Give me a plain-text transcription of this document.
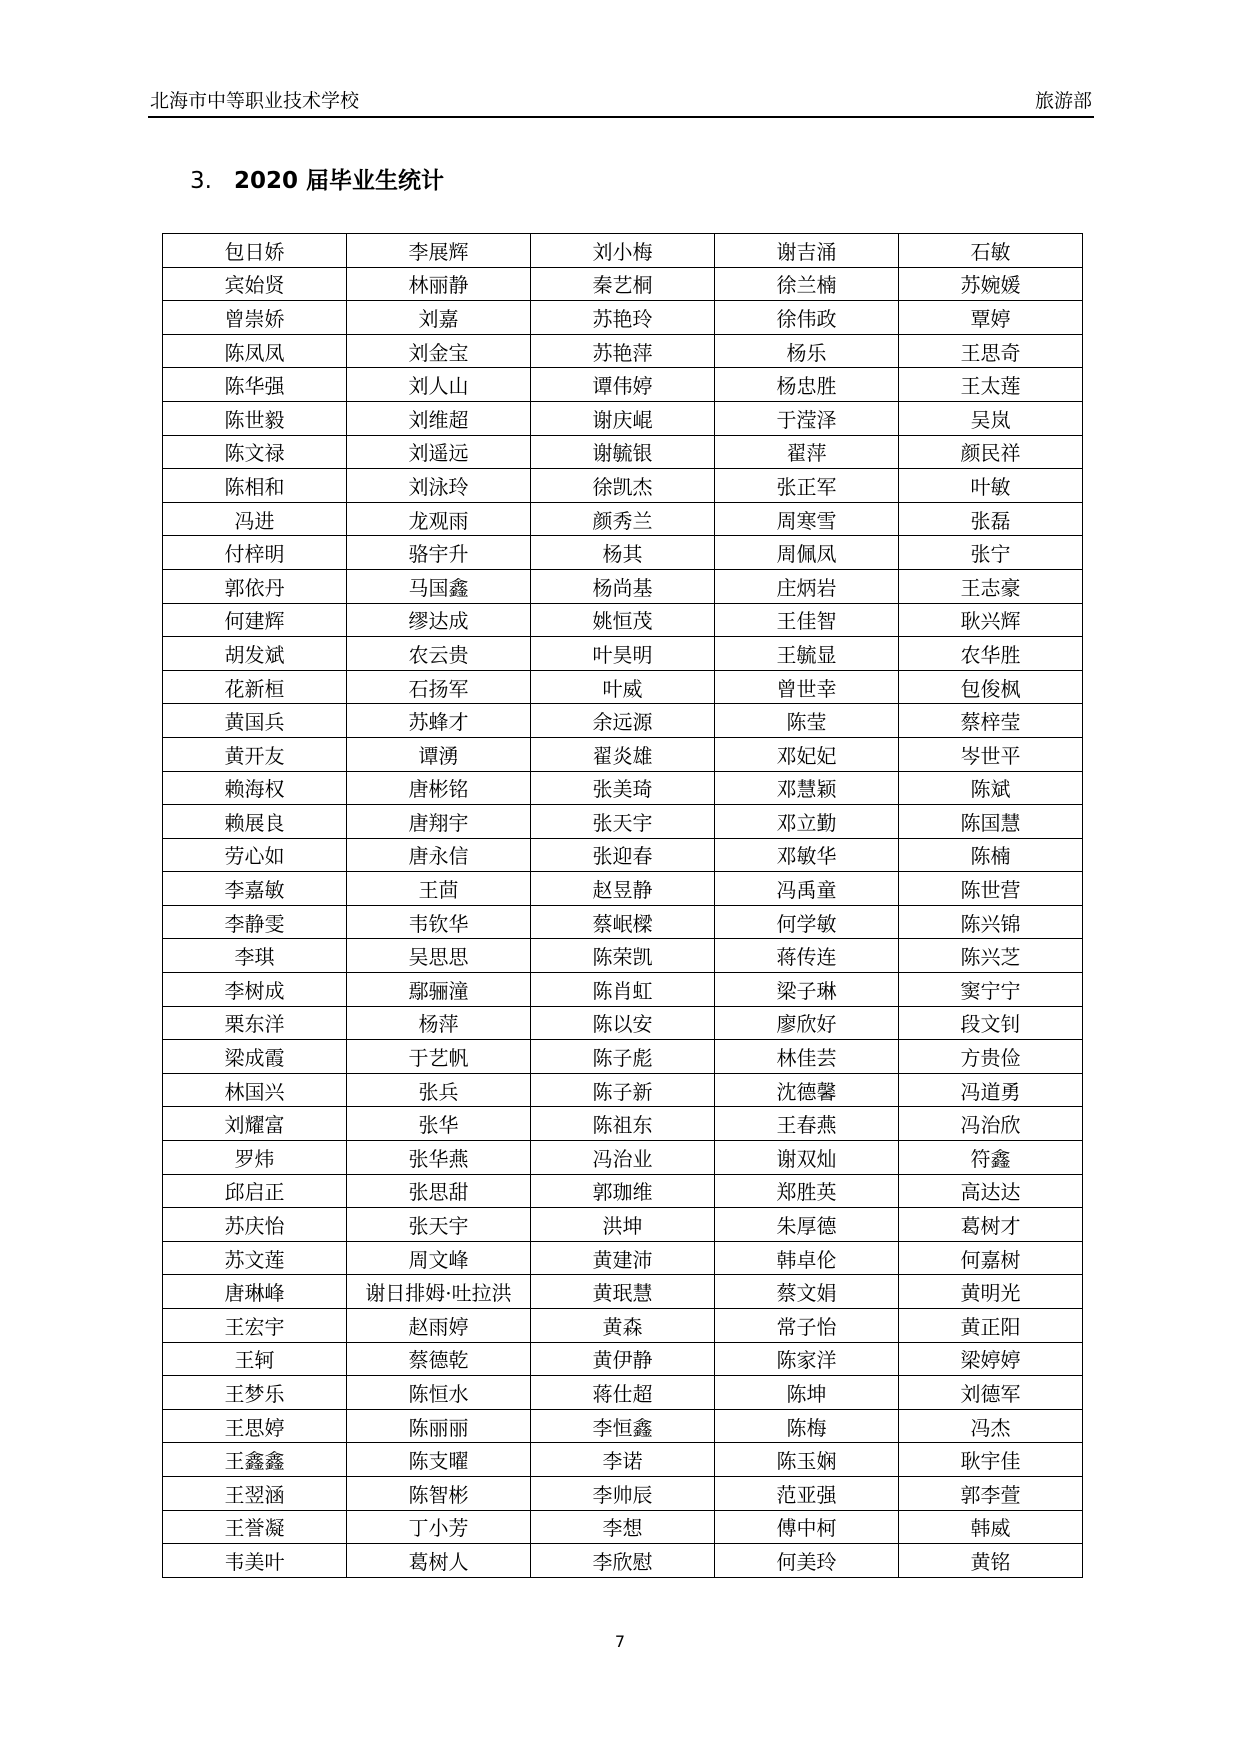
北海市中等职业技术学校	旅游部
3. 2020 届毕业生统计
包日娇	李展辉	刘小梅	谢吉涌	石敏
宾始贤	林丽静	秦艺桐	徐兰楠	苏婉媛
曾崇娇	刘嘉	苏艳玲	徐伟政	覃婷
陈凤凤	刘金宝	苏艳萍	杨乐	王思奇
陈华强	刘人山	谭伟婷	杨忠胜	王太莲
陈世毅	刘维超	谢庆崐	于滢泽	吴岚
陈文禄	刘遥远	谢毓银	翟萍	颜民祥
陈相和	刘泳玲	徐凯杰	张正军	叶敏
冯进	龙观雨	颜秀兰	周寒雪	张磊
付梓明	骆宇升	杨其	周佩凤	张宁
郭依丹	马国鑫	杨尚基	庄炳岩	王志豪
何建辉	缪达成	姚恒茂	王佳智	耿兴辉
胡发斌	农云贵	叶昊明	王毓显	农华胜
花新桓	石扬军	叶威	曾世幸	包俊枫
黄国兵	苏蜂才	余远源	陈莹	蔡梓莹
黄开友	谭湧	翟炎雄	邓妃妃	岑世平
赖海权	唐彬铭	张美琦	邓慧颖	陈斌
赖展良	唐翔宇	张天宇	邓立勤	陈国慧
劳心如	唐永信	张迎春	邓敏华	陈楠
李嘉敏	王茴	赵昱静	冯禹童	陈世营
李静雯	韦钦华	蔡岷樑	何学敏	陈兴锦
李琪	吴思思	陈荣凯	蒋传连	陈兴芝
李树成	鄢骊潼	陈肖虹	梁子琳	窦宁宁
栗东洋	杨萍	陈以安	廖欣好	段文钊
梁成霞	于艺帆	陈子彪	林佳芸	方贵俭
林国兴	张兵	陈子新	沈德馨	冯道勇
刘耀富	张华	陈祖东	王春燕	冯治欣
罗炜	张华燕	冯治业	谢双灿	符鑫
邱启正	张思甜	郭珈维	郑胜英	高达达
苏庆怡	张天宇	洪坤	朱厚德	葛树才
苏文莲	周文峰	黄建沛	韩卓伦	何嘉树
唐琳峰	谢日排姆·吐拉洪	黄珉慧	蔡文娟	黄明光
王宏宇	赵雨婷	黄森	常子怡	黄正阳
王轲	蔡德乾	黄伊静	陈家洋	梁婷婷
王梦乐	陈恒水	蒋仕超	陈坤	刘德军
王思婷	陈丽丽	李恒鑫	陈梅	冯杰
王鑫鑫	陈支曜	李诺	陈玉娴	耿宇佳
王翌涵	陈智彬	李帅辰	范亚强	郭李萱
王誉凝	丁小芳	李想	傅中柯	韩威
韦美叶	葛树人	李欣慰	何美玲	黄铭
7
